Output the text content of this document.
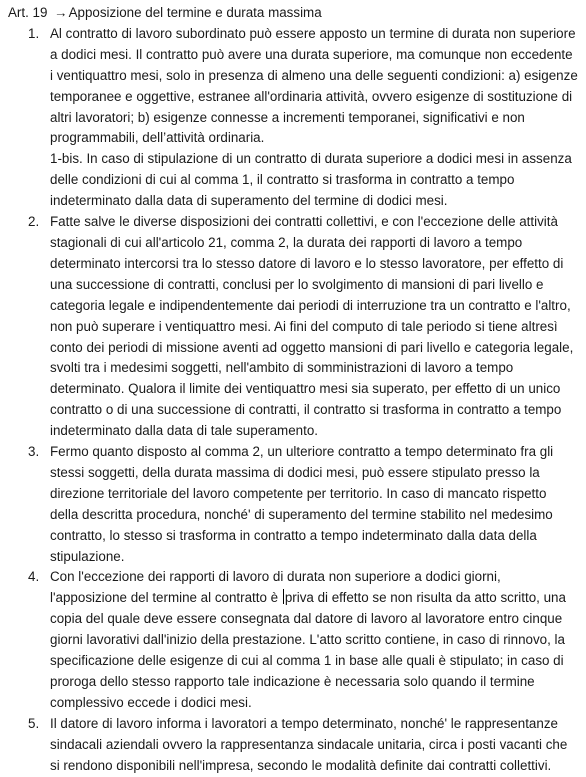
Art. 19 →Apposizione del termine e durata massima
1. Al contratto di lavoro subordinato può essere apposto un termine di durata non superiore a dodici mesi. Il contratto può avere una durata superiore, ma comunque non eccedente i ventiquattro mesi, solo in presenza di almeno una delle seguenti condizioni: a) esigenze temporanee e oggettive, estranee all'ordinaria attività, ovvero esigenze di sostituzione di altri lavoratori; b) esigenze connesse a incrementi temporanei, significativi e non programmabili, dell’attività ordinaria.
1-bis. In caso di stipulazione di un contratto di durata superiore a dodici mesi in assenza delle condizioni di cui al comma 1, il contratto si trasforma in contratto a tempo indeterminato dalla data di superamento del termine di dodici mesi.
2. Fatte salve le diverse disposizioni dei contratti collettivi, e con l'eccezione delle attività stagionali di cui all'articolo 21, comma 2, la durata dei rapporti di lavoro a tempo determinato intercorsi tra lo stesso datore di lavoro e lo stesso lavoratore, per effetto di una successione di contratti, conclusi per lo svolgimento di mansioni di pari livello e categoria legale e indipendentemente dai periodi di interruzione tra un contratto e l'altro, non può superare i ventiquattro mesi. Ai fini del computo di tale periodo si tiene altresì conto dei periodi di missione aventi ad oggetto mansioni di pari livello e categoria legale, svolti tra i medesimi soggetti, nell'ambito di somministrazioni di lavoro a tempo determinato. Qualora il limite dei ventiquattro mesi sia superato, per effetto di un unico contratto o di una successione di contratti, il contratto si trasforma in contratto a tempo indeterminato dalla data di tale superamento.
3. Fermo quanto disposto al comma 2, un ulteriore contratto a tempo determinato fra gli stessi soggetti, della durata massima di dodici mesi, può essere stipulato presso la direzione territoriale del lavoro competente per territorio. In caso di mancato rispetto della descritta procedura, nonché' di superamento del termine stabilito nel medesimo contratto, lo stesso si trasforma in contratto a tempo indeterminato dalla data della stipulazione.
4. Con l'eccezione dei rapporti di lavoro di durata non superiore a dodici giorni, l'apposizione del termine al contratto è priva di effetto se non risulta da atto scritto, una copia del quale deve essere consegnata dal datore di lavoro al lavoratore entro cinque giorni lavorativi dall'inizio della prestazione. L'atto scritto contiene, in caso di rinnovo, la specificazione delle esigenze di cui al comma 1 in base alle quali è stipulato; in caso di proroga dello stesso rapporto tale indicazione è necessaria solo quando il termine complessivo eccede i dodici mesi.
5. Il datore di lavoro informa i lavoratori a tempo determinato, nonché' le rappresentanze sindacali aziendali ovvero la rappresentanza sindacale unitaria, circa i posti vacanti che si rendono disponibili nell'impresa, secondo le modalità definite dai contratti collettivi.
